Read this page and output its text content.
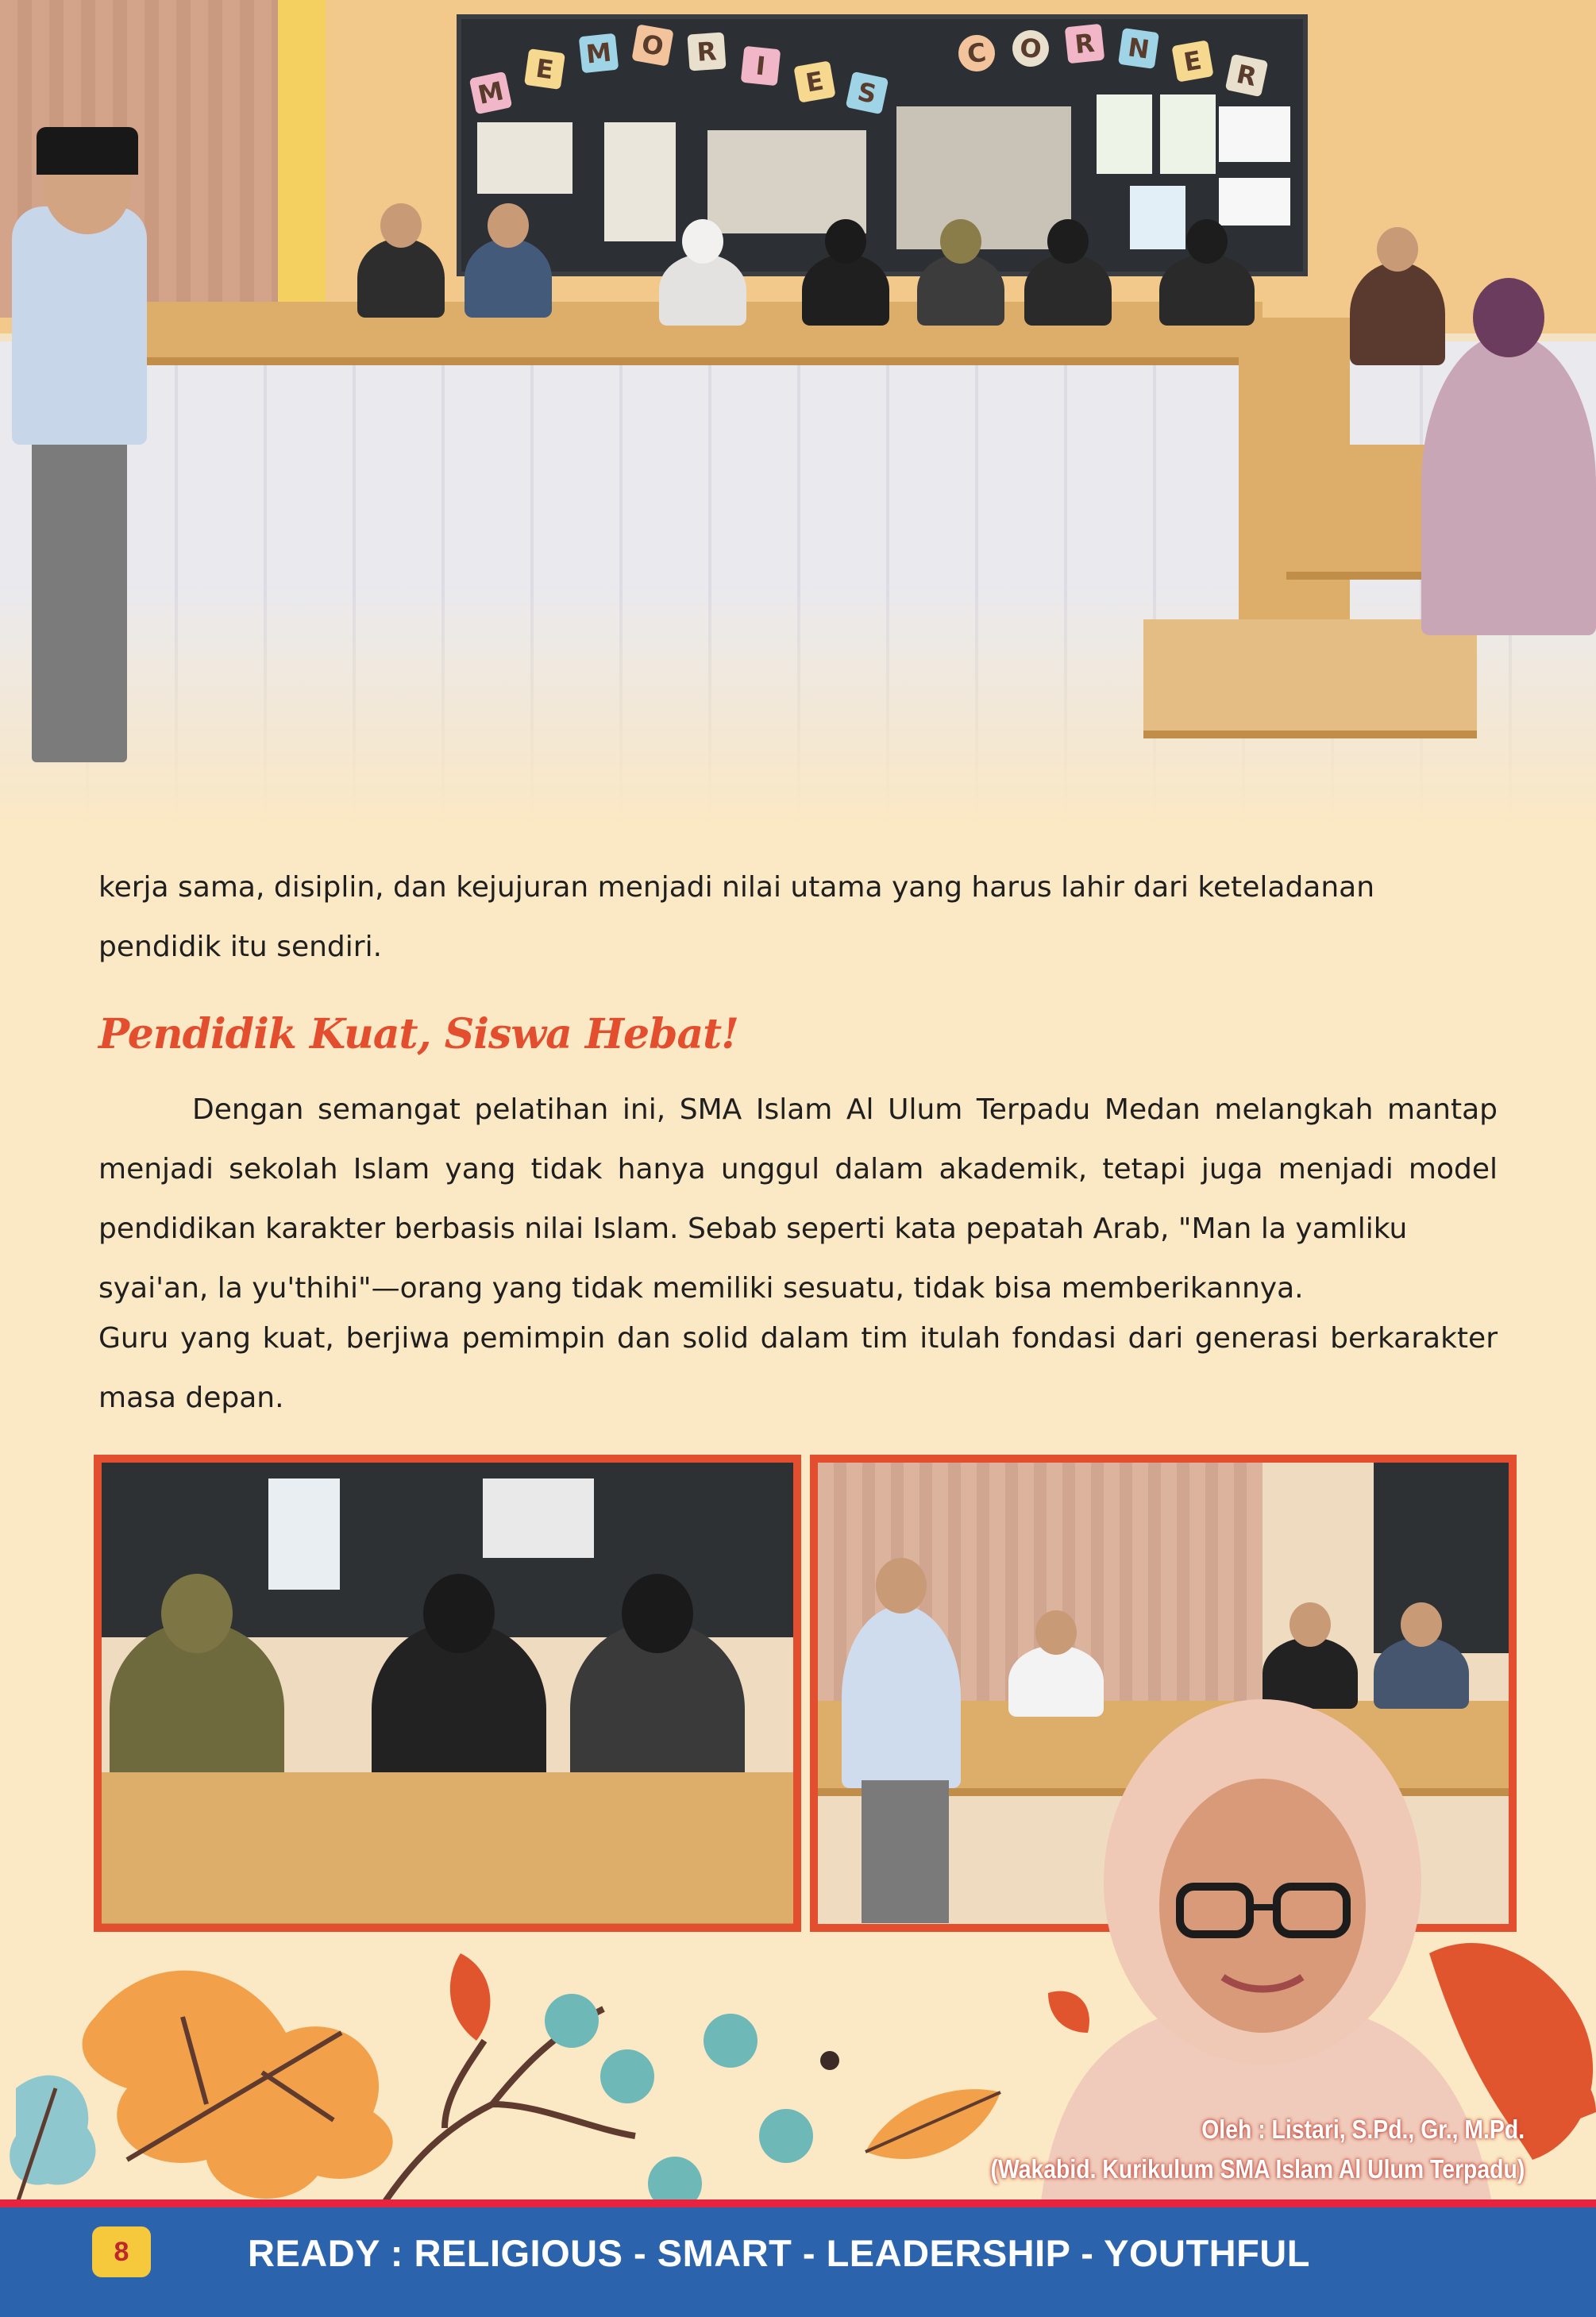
M
E	M	O	R	I	E	S
C	O	R	N	E	R
kerja sama, disiplin, dan kejujuran menjadi nilai utama yang harus lahir dari keteladanan pendidik itu sendiri.
Pendidik Kuat, Siswa Hebat!
Dengan semangat pelatihan ini, SMA Islam Al Ulum Terpadu Medan melangkah mantap menjadi sekolah Islam yang tidak hanya unggul dalam akademik, tetapi juga menjadi model pendidikan karakter berbasis nilai Islam. Sebab seperti kata pepatah Arab, "Man la yamliku
syai'an, la yu'thihi"—orang yang tidak memiliki sesuatu, tidak bisa memberikannya.
Guru yang kuat, berjiwa pemimpin dan solid dalam tim itulah fondasi dari generasi berkarakter masa depan.
Oleh : Listari, S.Pd., Gr., M.Pd.
(Wakabid. Kurikulum SMA Islam Al Ulum Terpadu)
8	READY : RELIGIOUS - SMART - LEADERSHIP - YOUTHFUL
